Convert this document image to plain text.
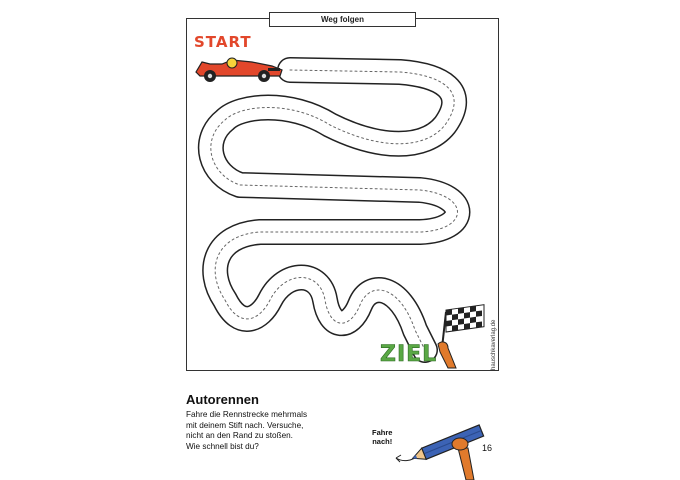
Weg folgen
START
ZIEL	hauschkaverlag.de
Autorennen
Fahre die Rennstrecke mehrmals
mit deinem Stift nach. Versuche,
nicht an den Rand zu stoßen.
Wie schnell bist du?
Fahre
nach!
16
